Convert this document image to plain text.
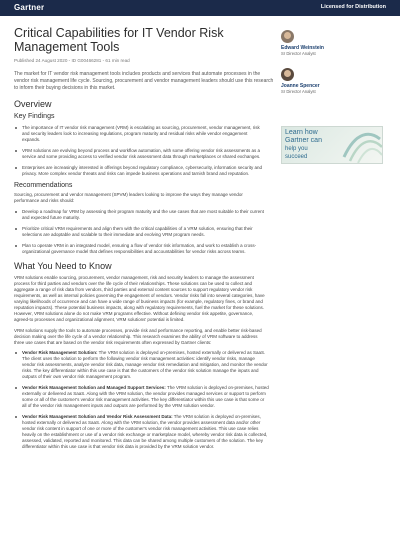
Gartner	Licensed for Distribution
Critical Capabilities for IT Vendor Risk
Management Tools
Published 24 August 2020 - ID G00466281 - 61 min read

The market for IT vendor risk management tools includes products and services that automate processes in the vendor risk management life cycle. Sourcing, procurement and vendor management leaders should use this research to inform their buying decisions in this market.

Overview
Key Findings
The importance of IT vendor risk management (VRM) is escalating as sourcing, procurement, vendor management, risk and security leaders look to increasing regulations, program maturity and residual risks while vendor engagement expands.
VRM solutions are evolving beyond process and workflow automation, with some offering vendor risk assessments as a service and some providing access to verified vendor risk assessment data through marketplaces or shared exchanges.
Enterprises are increasingly interested in offerings beyond regulatory compliance, cybersecurity, information security and privacy. More complex vendor threats and risks can impede business operations and tarnish brand and reputation.
Recommendations

Sourcing, procurement and vendor management (SPVM) leaders looking to improve the ways they manage vendor performance and risks should:

Develop a roadmap for VRM by assessing their program maturity and the use cases that are most suitable to their current and expected future maturity.
Prioritize critical VRM requirements and align them with the critical capabilities of a VRM solution, ensuring that their selections are adoptable and scalable to their immediate and evolving VRM program needs.
Plan to operate VRM in an integrated model, ensuring a flow of vendor risk information, and work to establish a cross-organizational governance model that defines responsibilities and accountabilities for vendor risks across teams.
What You Need to Know

VRM solutions enable sourcing, procurement, vendor management, risk and security leaders to manage the assessment process for third parties and vendors over the life cycle of their relationships. These solutions can be used to collect and aggregate a range of risk data from vendors, third parties and external content sources to support regulatory vendor risk requirements, as well as internal policies governing the engagement of vendors. Vendor risks fall into several categories, have varying likelihoods of occurrence and can have a wide range of business impacts (for example, regulatory fines, or brand and reputation impacts). These potential business impacts, along with regulatory requirements, fuel the market for these solutions. However, VRM solutions alone do not make VRM programs effective. Without defining vendor risk appetite, governance, agreed-to processes and organizational alignment, VRM solutions' potential is limited.

VRM solutions supply the tools to automate processes, provide risk and performance reporting, and enable better risk-based decision making over the life cycle of a vendor relationship. This research examines the ability of VRM software to address three use cases that are based on the vendor risk requirements often expressed by Gartner clients:

Vendor Risk Management Solution: The VRM solution is deployed on-premises, hosted externally or delivered as SaaS. The client uses the solution to perform the following vendor risk management activities: identify vendor risks, manage vendor risk assessments, analyze vendor risk data, manage vendor risk remediation and mitigation, and monitor the vendor risks. The key differentiator within this use case is that the customers of the vendor risk solution manage the inputs and outputs of their own vendor risk management program.
Vendor Risk Management Solution and Managed Support Services: The VRM solution is deployed on-premises, hosted externally or delivered as SaaS. Along with the VRM solution, the vendor provides managed services or support to perform some or all of the customer's vendor risk management activities. The key differentiator within this use case is that some or all of the vendor risk management inputs and outputs are performed by the VRM solution vendor.
Vendor Risk Management Solution and Vendor Risk Assessment Data: The VRM solution is deployed on-premises, hosted externally or delivered as SaaS. Along with the VRM solution, the vendor provides assessment data and/or other vendor risk content in support of one or more of the customer's vendor risk management activities. This use case relies heavily on the establishment or use of a vendor risk exchange or marketplace model, whereby vendor risk data is collected, assessed, validated, reported and monitored. This data can be shared among multiple customers of the solution. The key differentiator within this use case is that vendor risk data is provided by the VRM solution vendor.
Edward Weinstein
Sr Director Analyst
Joanne Spencer
Sr Director Analyst
Learn how
Gartner can
help you
succeed
